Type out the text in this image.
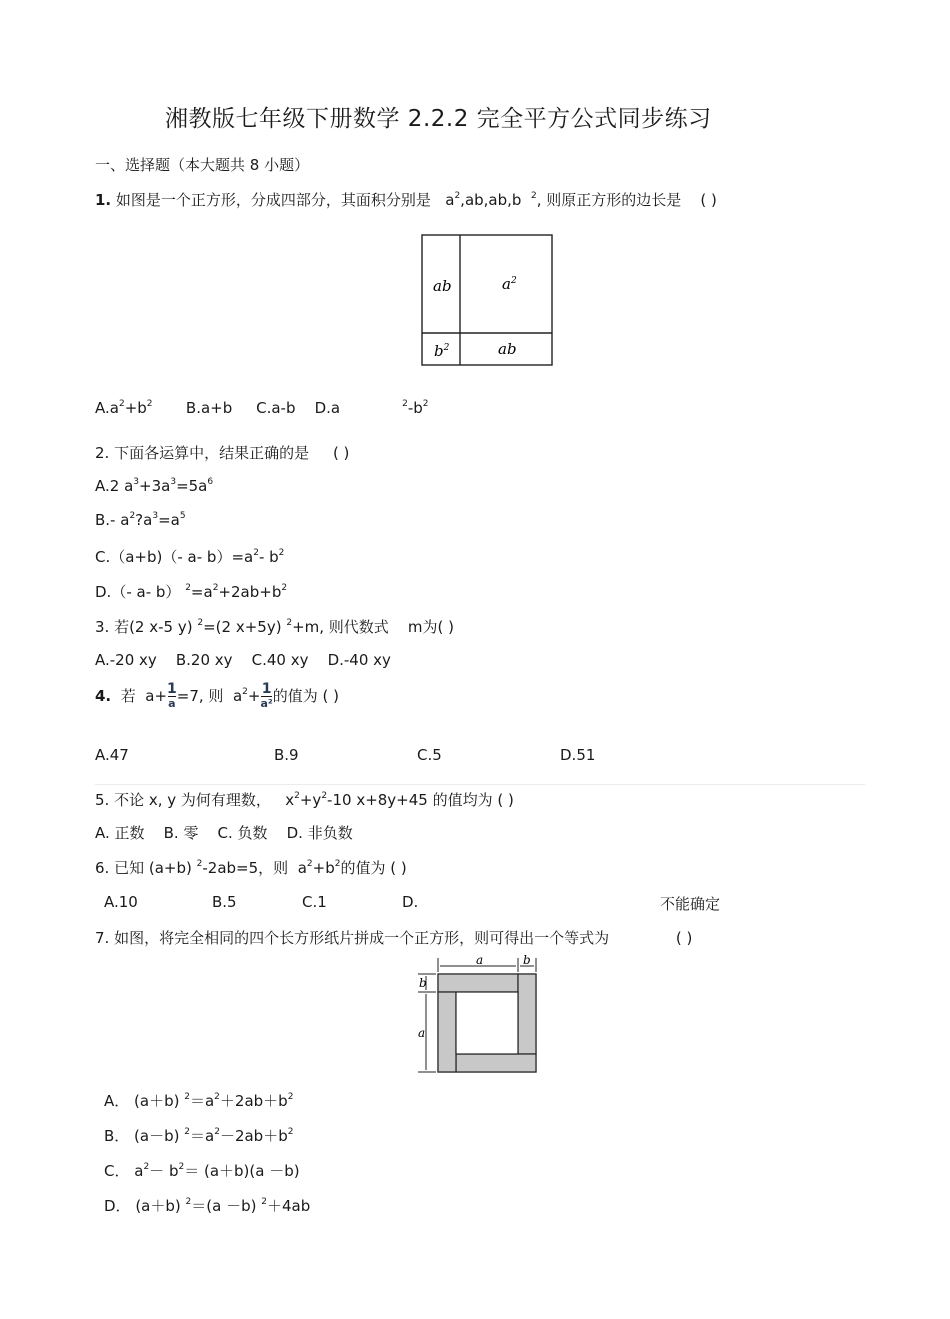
湘教版七年级下册数学 2.2.2 完全平方公式同步练习
一、选择题（本大题共 8 小题）
1. 如图是一个正方形，分成四部分，其面积分别是   $a^2,ab,ab,b$ $^2$, 则原正方形的边长是 ( )
ab	$a^2$
$b^2$	ab
$A.a^2+b^2$ B.a+b C.a-b D.a	$^2-b^2$
2. 下面各运算中，结果正确的是 ( )
A.2 $a^3+3a^3=5a^6$
B.- $a^2?a^3=a^5$
C.（a+b)（- a- $b)=a^2-$ $b^2$
D.（- a- b） $^2=a^2+2ab+b^2$
3. 若(2 x-5 y) $^2$=(2 x+5y) $^2$+m, 则代数式 m为( )
A.-20 xy B.20 xy C.40 xy D.-40 xy
4. 若 $a+ \frac{1}{a} =7$, 则 $a^2+ \frac{1}{\text{a²}}$ 的值为 ( )
A.47	B.9	C.5	D.51
5. 不论 x, y 为何有理数， $x^2+y^2-10$ x+8y+45 的值均为 ( )
A. 正数 B. 零 C. 负数 D. 非负数
6. 已知 (a+b) $^2$-2ab=5，则 $a^2+b^2$的值为 ( )
A.10	B.5	C.1	D.	不能确定
7. 如图，将完全相同的四个长方形纸片拼成一个正方形，则可得出一个等式为	( )
a	b
b
a
A． (a＋b) $^2=a^2+2ab+b^2$
B． (a－b) $^2=a^2-2ab+b^2$
C． $a^2- b^2= (a+b)(a -b)$
D． (a＋b) $^2$＝(a －b) $^2$＋4ab
